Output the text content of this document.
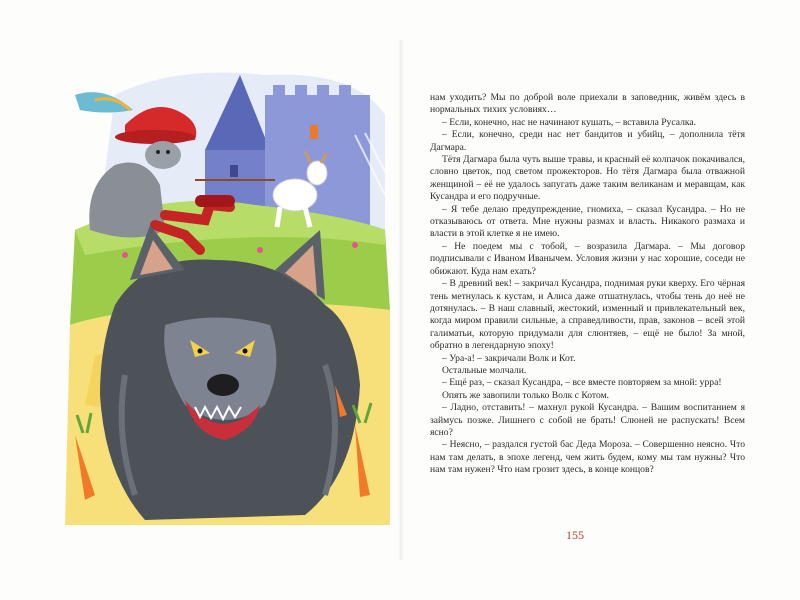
нам уходить? Мы по доброй воле приехали в заповедник, живём здесь в нормальных тихих условиях…

– Если, конечно, нас не начинают кушать, – вставила Русалка.

– Если, конечно, среди нас нет бандитов и убийц, – дополнила тётя Дагмара.

Тётя Дагмара была чуть выше травы, и красный её колпачок покачивался, словно цветок, под светом прожекторов. Но тётя Дагмара была отважной женщиной – её не удалось запугать даже таким великанам и меравщам, как Кусандра и его подручные.

– Я тебе делаю предупреждение, гномиха, – сказал Кусандра. – Но не отказываюсь от ответа. Мне нужны размах и власть. Никакого размаха и власти в этой клетке я не имею.

– Не поедем мы с тобой, – возразила Дагмара. – Мы договор подписывали с Иваном Иванычем. Условия жизни у нас хорошие, соседи не обижают. Куда нам ехать?

– В древний век! – закричал Кусандра, поднимая руки кверху. Его чёрная тень метнулась к кустам, и Алиса даже отшатнулась, чтобы тень до неё не дотянулась. – В наш славный, жестокий, изменный и привлекательный век, когда миром правили сильные, а справедливости, прав, законов – всей этой галиматьи, которую придумали для слюнтяев, – ещё не было! За мной, обратно в легендарную эпоху!

– Ура-а! – закричали Волк и Кот.

Остальные молчали.

– Ещё раз, – сказал Кусандра, – все вместе повторяем за мной: урра!

Опять же завопили только Волк с Котом.

– Ладно, отставить! – махнул рукой Кусандра. – Вашим воспитанием я займусь позже. Лишнего с собой не брать! Слюней не распускать! Всем ясно?

– Неясно, – раздался густой бас Деда Мороза. – Совершенно неясно. Что нам там делать, в эпохе легенд, чем жить будем, кому мы там нужны? Что нам там нужен? Что нам грозит здесь, в конце концов?

155
